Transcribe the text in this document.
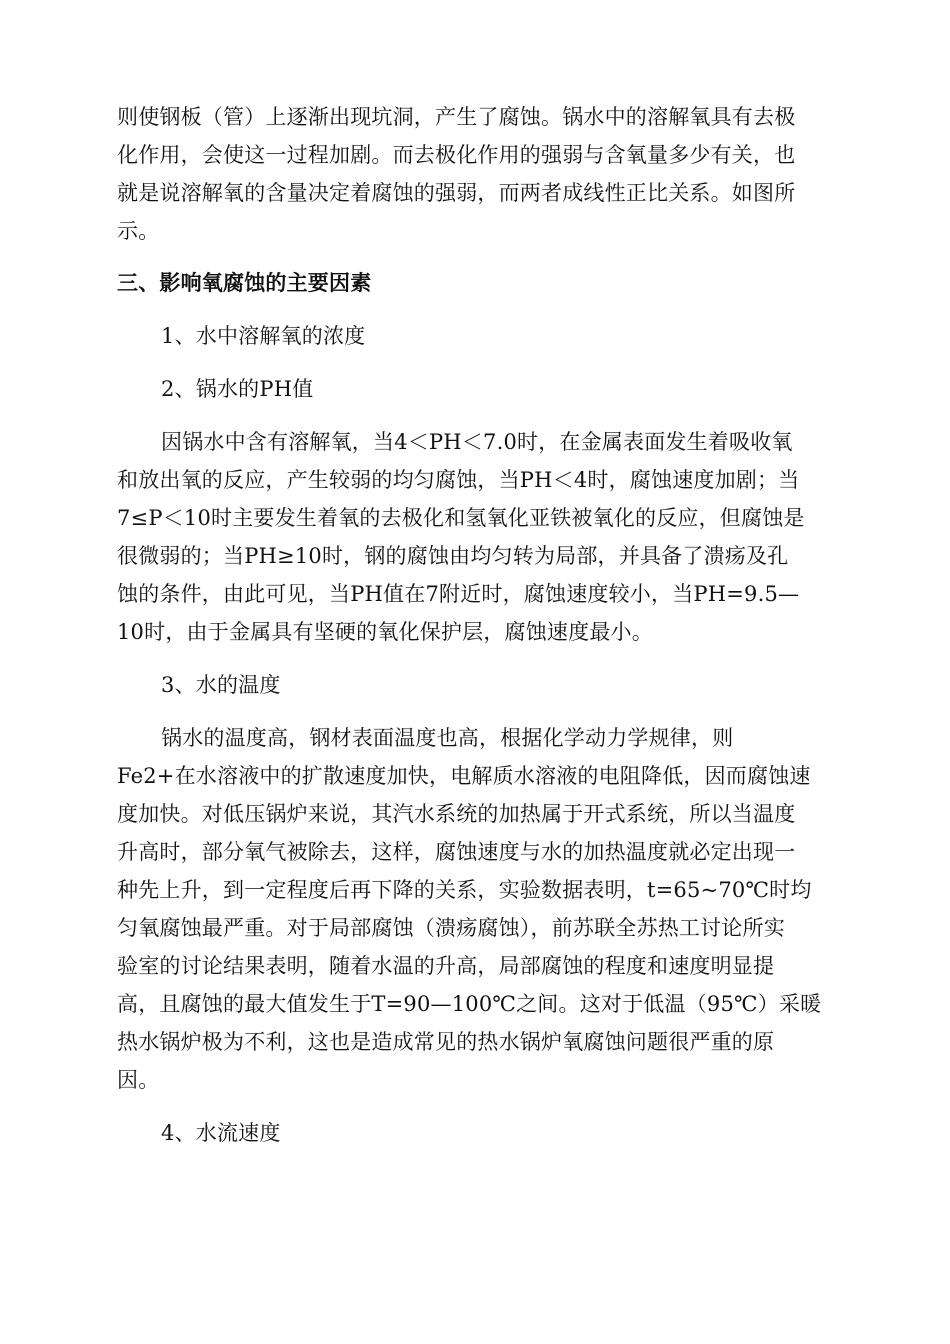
则使钢板（管）上逐渐出现坑洞，产生了腐蚀。锅水中的溶解氧具有去极

化作用，会使这一过程加剧。而去极化作用的强弱与含氧量多少有关，也

就是说溶解氧的含量决定着腐蚀的强弱，而两者成线性正比关系。如图所

示。

三、影响氧腐蚀的主要因素

1、水中溶解氧的浓度

2、锅水的PH值

因锅水中含有溶解氧，当4＜PH＜7.0时，在金属表面发生着吸收氧

和放出氧的反应，产生较弱的均匀腐蚀，当PH＜4时，腐蚀速度加剧；当

7≤P＜10时主要发生着氧的去极化和氢氧化亚铁被氧化的反应，但腐蚀是

很微弱的；当PH≥10时，钢的腐蚀由均匀转为局部，并具备了溃疡及孔

蚀的条件，由此可见，当PH值在7附近时，腐蚀速度较小，当PH=9.5—

10时，由于金属具有坚硬的氧化保护层，腐蚀速度最小。

3、水的温度

锅水的温度高，钢材表面温度也高，根据化学动力学规律，则

Fe2+在水溶液中的扩散速度加快，电解质水溶液的电阻降低，因而腐蚀速

度加快。对低压锅炉来说，其汽水系统的加热属于开式系统，所以当温度

升高时，部分氧气被除去，这样，腐蚀速度与水的加热温度就必定出现一

种先上升，到一定程度后再下降的关系，实验数据表明，t=65~70℃时均

匀氧腐蚀最严重。对于局部腐蚀（溃疡腐蚀），前苏联全苏热工讨论所实

验室的讨论结果表明，随着水温的升高，局部腐蚀的程度和速度明显提

高，且腐蚀的最大值发生于T=90—100℃之间。这对于低温（95℃）采暖

热水锅炉极为不利，这也是造成常见的热水锅炉氧腐蚀问题很严重的原

因。

4、水流速度
